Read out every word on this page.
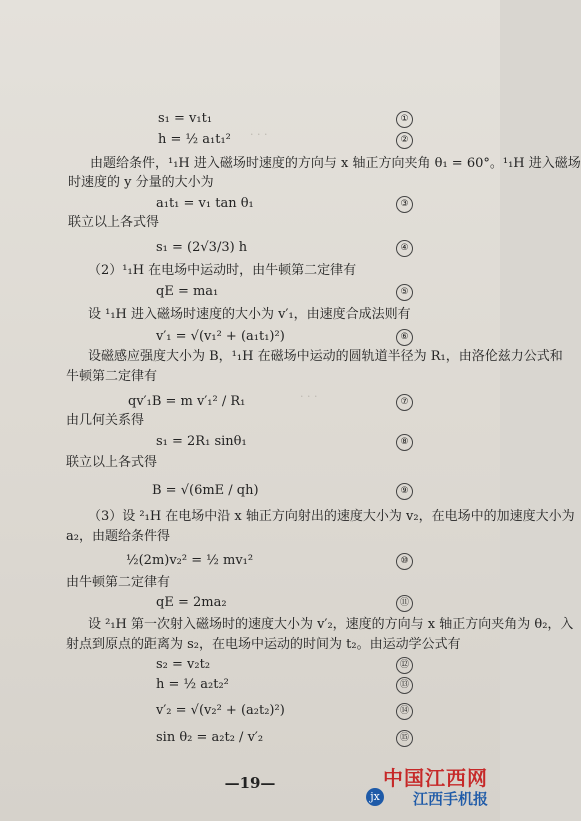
· · ·
· · ·
s₁ = v₁t₁	①
h = ½ a₁t₁²	②
由题给条件，¹₁H 进入磁场时速度的方向与 x 轴正方向夹角 θ₁ = 60°。¹₁H 进入磁场
时速度的 y 分量的大小为
a₁t₁ = v₁ tan θ₁	③
联立以上各式得
s₁ = (2√3/3) h	④
（2）¹₁H 在电场中运动时，由牛顿第二定律有
qE = ma₁	⑤
设 ¹₁H 进入磁场时速度的大小为 v′₁，由速度合成法则有
v′₁ = √(v₁² + (a₁t₁)²)	⑥
设磁感应强度大小为 B，¹₁H 在磁场中运动的圆轨道半径为 R₁，由洛伦兹力公式和
牛顿第二定律有
qv′₁B = m v′₁² / R₁	⑦
由几何关系得
s₁ = 2R₁ sinθ₁	⑧
联立以上各式得
B = √(6mE / qh)	⑨
（3）设 ²₁H 在电场中沿 x 轴正方向射出的速度大小为 v₂，在电场中的加速度大小为
a₂，由题给条件得
½(2m)v₂² = ½ mv₁²	⑩
由牛顿第二定律有
qE = 2ma₂	⑪
设 ²₁H 第一次射入磁场时的速度大小为 v′₂，速度的方向与 x 轴正方向夹角为 θ₂，入
射点到原点的距离为 s₂，在电场中运动的时间为 t₂。由运动学公式有
s₂ = v₂t₂	⑫
h = ½ a₂t₂²	⑬
v′₂ = √(v₂² + (a₂t₂)²)	⑭
sin θ₂ = a₂t₂ / v′₂	⑮
—19—	中国江西网
jx 江西手机报
